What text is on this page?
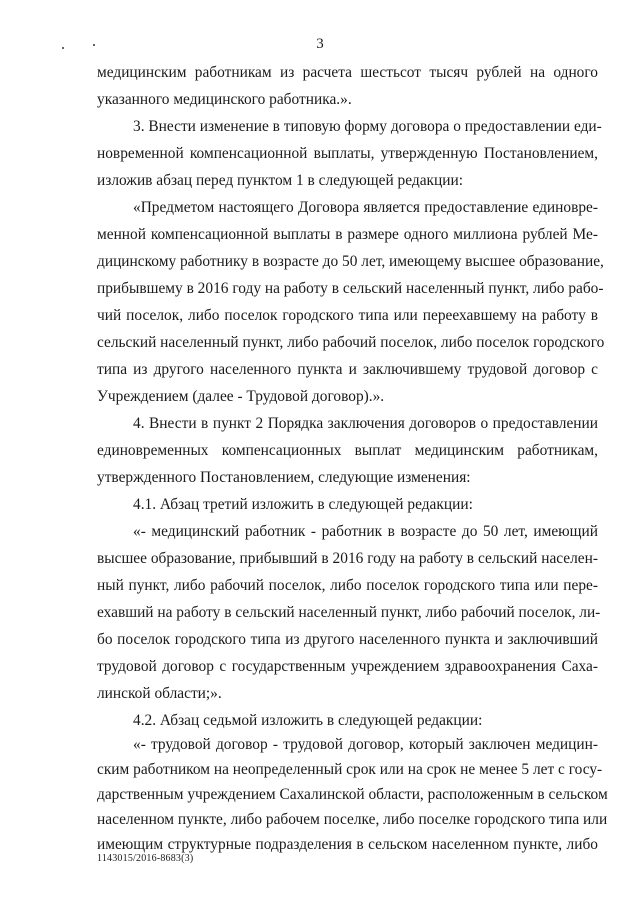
3
медицинским работникам из расчета шестьсот тысяч рублей на одного
указанного медицинского работника.».
3. Внести изменение в типовую форму договора о предоставлении еди-
новременной компенсационной выплаты, утвержденную Постановлением,
изложив абзац перед пунктом 1 в следующей редакции:
«Предметом настоящего Договора является предоставление единовре-
менной компенсационной выплаты в размере одного миллиона рублей Ме-
дицинскому работнику в возрасте до 50 лет, имеющему высшее образование,
прибывшему в 2016 году на работу в сельский населенный пункт, либо рабо-
чий поселок, либо поселок городского типа или переехавшему на работу в
сельский населенный пункт, либо рабочий поселок, либо поселок городского
типа из другого населенного пункта и заключившему трудовой договор с
Учреждением (далее - Трудовой договор).».
4. Внести в пункт 2 Порядка заключения договоров о предоставлении
единовременных компенсационных выплат медицинским работникам,
утвержденного Постановлением, следующие изменения:
4.1. Абзац третий изложить в следующей редакции:
«- медицинский работник - работник в возрасте до 50 лет, имеющий
высшее образование, прибывший в 2016 году на работу в сельский населен-
ный пункт, либо рабочий поселок, либо поселок городского типа или пере-
ехавший на работу в сельский населенный пункт, либо рабочий поселок, ли-
бо поселок городского типа из другого населенного пункта и заключивший
трудовой договор с государственным учреждением здравоохранения Саха-
линской области;».
4.2. Абзац седьмой изложить в следующей редакции:
«- трудовой договор - трудовой договор, который заключен медицин-
ским работником на неопределенный срок или на срок не менее 5 лет с госу-
дарственным учреждением Сахалинской области, расположенным в сельском
населенном пункте, либо рабочем поселке, либо поселке городского типа или
1143015/2016-8683(3)
имеющим структурные подразделения в сельском населенном пункте, либо
